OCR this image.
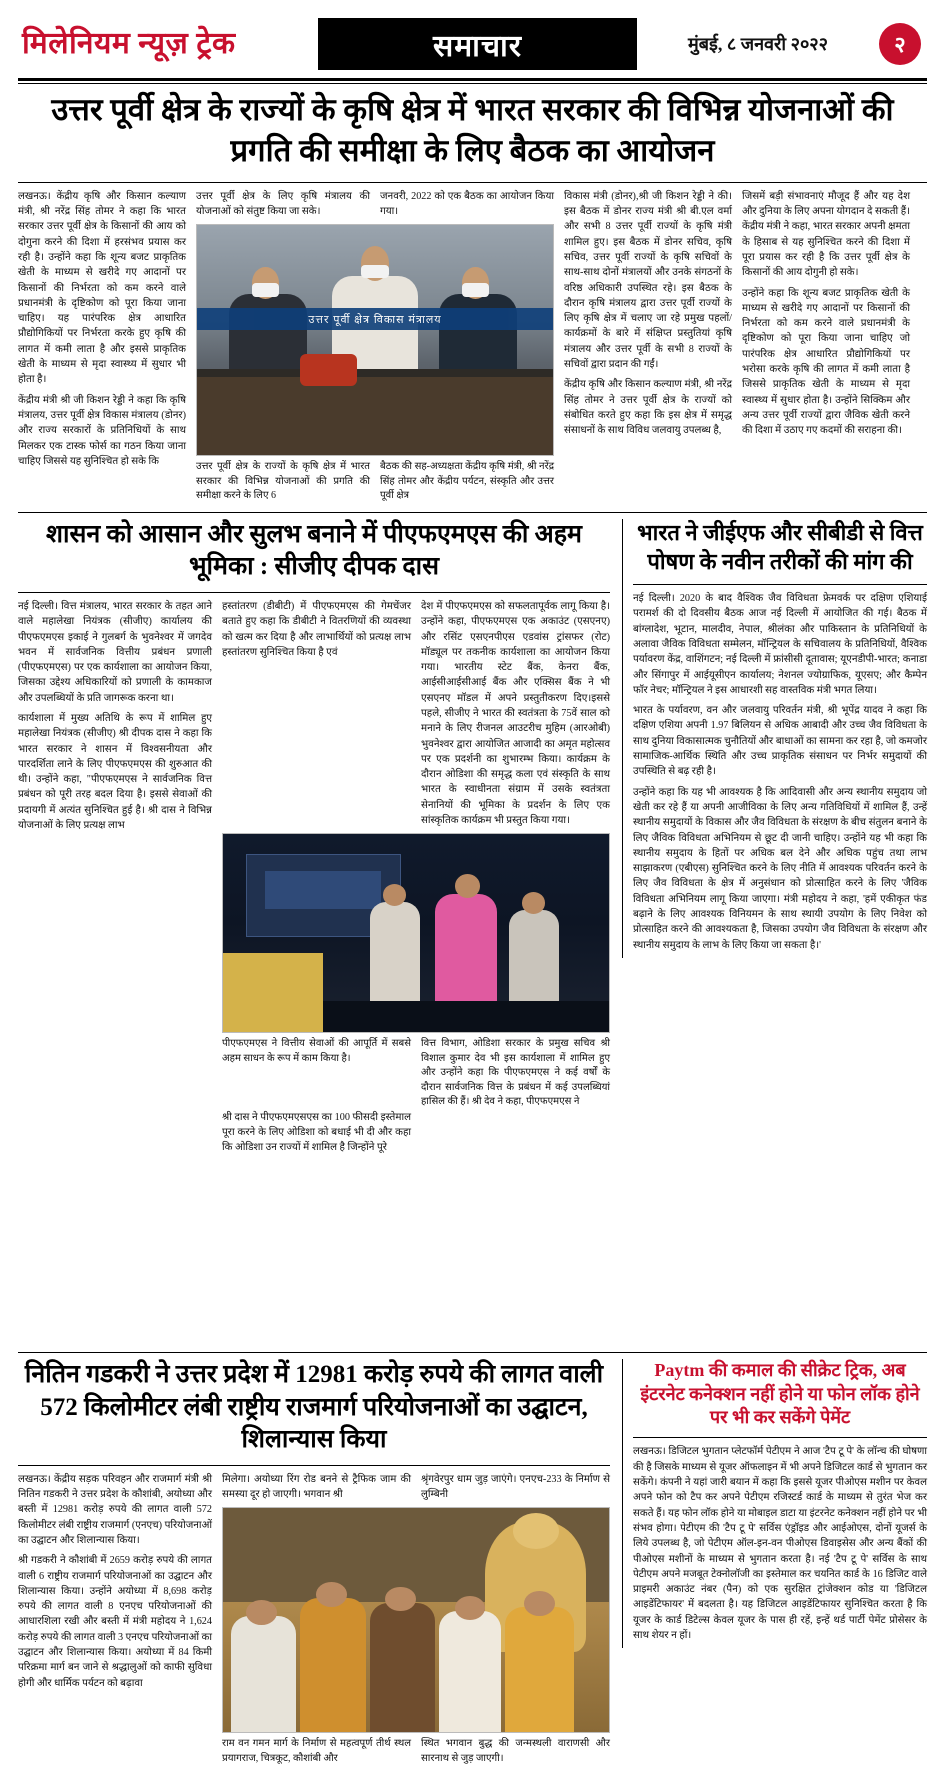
मिलेनियम न्यूज़ ट्रेक	समाचार	मुंबई, ८ जनवरी २०२२	२
उत्तर पूर्वी क्षेत्र के राज्यों के कृषि क्षेत्र में भारत सरकार की विभिन्न योजनाओं की प्रगति की समीक्षा के लिए बैठक का आयोजन

लखनऊ। केंद्रीय कृषि और किसान कल्याण मंत्री, श्री नरेंद्र सिंह तोमर ने कहा कि भारत सरकार उत्तर पूर्वी क्षेत्र के किसानों की आय को दोगुना करने की दिशा में हरसंभव प्रयास कर रही है। उन्होंने कहा कि शून्य बजट प्राकृतिक खेती के माध्यम से खरीदे गए आदानों पर किसानों की निर्भरता को कम करने वाले प्रधानमंत्री के दृष्टिकोण को पूरा किया जाना चाहिए। यह पारंपरिक क्षेत्र आधारित प्रौद्योगिकियों पर निर्भरता करके हुए कृषि की लागत में कमी लाता है और इससे प्राकृतिक खेती के माध्यम से मृदा स्वास्थ्य में सुधार भी होता है।

केंद्रीय मंत्री श्री जी किशन रेड्डी ने कहा कि कृषि मंत्रालय, उत्तर पूर्वी क्षेत्र विकास मंत्रालय (डोनर) और राज्य सरकारों के प्रतिनिधियों के साथ मिलकर एक टास्क फोर्स का गठन किया जाना चाहिए जिससे यह सुनिश्चित हो सके कि

उत्तर पूर्वी क्षेत्र के लिए कृषि मंत्रालय की योजनाओं को संतुष्ट किया जा सके।

जनवरी, 2022 को एक बैठक का आयोजन किया गया।

उत्तर पूर्वी क्षेत्र विकास मंत्रालय
उत्तर पूर्वी क्षेत्र के राज्यों के कृषि क्षेत्र में भारत सरकार की विभिन्न योजनाओं की प्रगति की समीक्षा करने के लिए 6
बैठक की सह-अध्यक्षता केंद्रीय कृषि मंत्री, श्री नरेंद्र सिंह तोमर और केंद्रीय पर्यटन, संस्कृति और उत्तर पूर्वी क्षेत्र

विकास मंत्री (डोनर),श्री जी किशन रेड्डी ने की। इस बैठक में डोनर राज्य मंत्री श्री बी.एल वर्मा और सभी 8 उत्तर पूर्वी राज्यों के कृषि मंत्री शामिल हुए। इस बैठक में डोनर सचिव, कृषि सचिव, उत्तर पूर्वी राज्यों के कृषि सचिवों के साथ-साथ दोनों मंत्रालयों और उनके संगठनों के वरिष्ठ अधिकारी उपस्थित रहे। इस बैठक के दौरान कृषि मंत्रालय द्वारा उत्तर पूर्वी राज्यों के लिए कृषि क्षेत्र में चलाए जा रहे प्रमुख पहलों/कार्यक्रमों के बारे में संक्षिप्त प्रस्तुतियां कृषि मंत्रालय और उत्तर पूर्वी के सभी 8 राज्यों के सचिवों द्वारा प्रदान की गईं।

केंद्रीय कृषि और किसान कल्याण मंत्री, श्री नरेंद्र सिंह तोमर ने उत्तर पूर्वी क्षेत्र के राज्यों को संबोधित करते हुए कहा कि इस क्षेत्र में समृद्ध संसाधनों के साथ विविध जलवायु उपलब्ध है,

जिसमें बड़ी संभावनाएं मौजूद हैं और यह देश और दुनिया के लिए अपना योगदान दे सकती हैं। केंद्रीय मंत्री ने कहा, भारत सरकार अपनी क्षमता के हिसाब से यह सुनिश्चित करने की दिशा में पूरा प्रयास कर रही है कि उत्तर पूर्वी क्षेत्र के किसानों की आय दोगुनी हो सके।

उन्होंने कहा कि शून्य बजट प्राकृतिक खेती के माध्यम से खरीदे गए आदानों पर किसानों की निर्भरता को कम करने वाले प्रधानमंत्री के दृष्टिकोण को पूरा किया जाना चाहिए जो पारंपरिक क्षेत्र आधारित प्रौद्योगिकियों पर भरोसा करके कृषि की लागत में कमी लाता है जिससे प्राकृतिक खेती के माध्यम से मृदा स्वास्थ्य में सुधार होता है। उन्होंने सिक्किम और अन्य उत्तर पूर्वी राज्यों द्वारा जैविक खेती करने की दिशा में उठाए गए कदमों की सराहना की।

शासन को आसान और सुलभ बनाने में पीएफएमएस की अहम भूमिका : सीजीए दीपक दास

नई दिल्ली। वित्त मंत्रालय, भारत सरकार के तहत आने वाले महालेखा नियंत्रक (सीजीए) कार्यालय की पीएफएमएस इकाई ने गुलबर्ग के भुवनेश्वर में जगदेव भवन में सार्वजनिक वित्तीय प्रबंधन प्रणाली (पीएफएमएस) पर एक कार्यशाला का आयोजन किया, जिसका उद्देश्य अधिकारियों को प्रणाली के कामकाज और उपलब्धियों के प्रति जागरूक करना था।

कार्यशाला में मुख्य अतिथि के रूप में शामिल हुए महालेखा नियंत्रक (सीजीए) श्री दीपक दास ने कहा कि भारत सरकार ने शासन में विश्वसनीयता और पारदर्शिता लाने के लिए पीएफएमएस की शुरुआत की थी। उन्होंने कहा, "पीएफएमएस ने सार्वजनिक वित्त प्रबंधन को पूरी तरह बदल दिया है। इससे सेवाओं की प्रदायगी में अत्यंत सुनिश्चित हुई है। श्री दास ने विभिन्न योजनाओं के लिए प्रत्यक्ष लाभ

हस्तांतरण (डीबीटी) में पीएफएमएस की गेमचेंजर बताते हुए कहा कि डीबीटी ने वितरणियों की व्यवस्था को खत्म कर दिया है और लाभार्थियों को प्रत्यक्ष लाभ हस्तांतरण सुनिश्चित किया है एवं

देश में पीएफएमएस को सफलतापूर्वक लागू किया है। उन्होंने कहा, पीएफएमएस एक अकाउंट (एसएनए) और रसिंट एसएनपीएस एडवांस ट्रांसफर (रोट) मॉड्यूल पर तकनीक कार्यशाला का आयोजन किया गया। भारतीय स्टेट बैंक, केनरा बैंक, आईसीआईसीआई बैंक और एक्सिस बैंक ने भी एसएनए मॉडल में अपने प्रस्तुतीकरण दिए।इससे पहले, सीजीए ने भारत की स्वतंत्रता के 75वें साल को मनाने के लिए रीजनल आउटरीच मुहिम (आरओबी) भुवनेश्वर द्वारा आयोजित आजादी का अमृत महोत्सव पर एक प्रदर्शनी का शुभारम्भ किया। कार्यक्रम के दौरान ओडिशा की समृद्ध कला एवं संस्कृति के साथ भारत के स्वाधीनता संग्राम में उसके स्वतंत्रता सेनानियों की भूमिका के प्रदर्शन के लिए एक सांस्कृतिक कार्यक्रम भी प्रस्तुत किया गया।

पीएफएमएस ने वित्तीय सेवाओं की आपूर्ति में सबसे अहम साधन के रूप में काम किया है।
वित्त विभाग, ओडिशा सरकार के प्रमुख सचिव श्री विशाल कुमार देव भी इस कार्यशाला में शामिल हुए और उन्होंने कहा कि पीएफएमएस ने कई वर्षों के दौरान सार्वजनिक वित्त के प्रबंधन में कई उपलब्धियां हासिल की हैं। श्री देव ने कहा, पीएफएमएस ने

श्री दास ने पीएफएमएसएस का 100 फीसदी इस्तेमाल पूरा करने के लिए ओडिशा को बधाई भी दी और कहा कि ओडिशा उन राज्यों में शामिल है जिन्होंने पूरे

भारत ने जीईएफ और सीबीडी से वित्त पोषण के नवीन तरीकों की मांग की

नई दिल्ली। 2020 के बाद वैश्विक जैव विविधता फ्रेमवर्क पर दक्षिण एशियाई परामर्श की दो दिवसीय बैठक आज नई दिल्ली में आयोजित की गई। बैठक में बांग्लादेश, भूटान, मालदीव, नेपाल, श्रीलंका और पाकिस्तान के प्रतिनिधियों के अलावा जैविक विविधता सम्मेलन, मॉन्ट्रियल के सचिवालय के प्रतिनिधियों, वैश्विक पर्यावरण केंद्र, वाशिंगटन; नई दिल्ली में फ्रांसीसी दूतावास; यूएनडीपी-भारत; कनाडा और सिंगापुर में आईयूसीएन कार्यालय; नेशनल ज्योग्राफिक, यूएसए; और कैम्पेन फॉर नेचर; मॉन्ट्रियल ने इस आधारशी सह वास्तविक मंत्री भगत लिया।

भारत के पर्यावरण, वन और जलवायु परिवर्तन मंत्री, श्री भूपेंद्र यादव ने कहा कि दक्षिण एशिया अपनी 1.97 बिलियन से अधिक आबादी और उच्च जैव विविधता के साथ दुनिया विकासात्मक चुनौतियों और बाधाओं का सामना कर रहा है, जो कमजोर सामाजिक-आर्थिक स्थिति और उच्च प्राकृतिक संसाधन पर निर्भर समुदायों की उपस्थिति से बढ़ रही है।

उन्होंने कहा कि यह भी आवश्यक है कि आदिवासी और अन्य स्थानीय समुदाय जो खेती कर रहे हैं या अपनी आजीविका के लिए अन्य गतिविधियों में शामिल हैं, उन्हें स्थानीय समुदायों के विकास और जैव विविधता के संरक्षण के बीच संतुलन बनाने के लिए जैविक विविधता अभिनियम से छूट दी जानी चाहिए। उन्होंने यह भी कहा कि स्थानीय समुदाय के हितों पर अधिक बल देने और अधिक पहुंच तथा लाभ साझाकरण (एबीएस) सुनिश्चित करने के लिए नीति में आवश्यक परिवर्तन करने के लिए जैव विविधता के क्षेत्र में अनुसंधान को प्रोत्साहित करने के लिए 'जैविक विविधता अभिनियम लागू किया जाएगा। मंत्री महोदय ने कहा, 'हमें एकीकृत फंड बढ़ाने के लिए आवश्यक विनियमन के साथ स्थायी उपयोग के लिए निवेश को प्रोत्साहित करने की आवश्यकता है, जिसका उपयोग जैव विविधता के संरक्षण और स्थानीय समुदाय के लाभ के लिए किया जा सकता है।'

नितिन गडकरी ने उत्तर प्रदेश में 12981 करोड़ रुपये की लागत वाली 572 किलोमीटर लंबी राष्ट्रीय राजमार्ग परियोजनाओं का उद्घाटन, शिलान्यास किया

लखनऊ। केंद्रीय सड़क परिवहन और राजमार्ग मंत्री श्री नितिन गडकरी ने उत्तर प्रदेश के कौशांबी, अयोध्या और बस्ती में 12981 करोड़ रुपये की लागत वाली 572 किलोमीटर लंबी राष्ट्रीय राजमार्ग (एनएच) परियोजनाओं का उद्घाटन और शिलान्यास किया।

श्री गडकरी ने कौशांबी में 2659 करोड़ रुपये की लागत वाली 6 राष्ट्रीय राजमार्ग परियोजनाओं का उद्घाटन और शिलान्यास किया। उन्होंने अयोध्या में 8,698 करोड़ रुपये की लागत वाली 8 एनएच परियोजनाओं की आधारशिला रखी और बस्ती में मंत्री महोदय ने 1,624 करोड़ रुपये की लागत वाली 3 एनएच परियोजनाओं का उद्घाटन और शिलान्यास किया। अयोध्या में 84 किमी परिक्रमा मार्ग बन जाने से श्रद्धालुओं को काफी सुविधा होगी और धार्मिक पर्यटन को बढ़ावा

मिलेगा। अयोध्या रिंग रोड बनने से ट्रैफिक जाम की समस्या दूर हो जाएगी। भगवान श्री

श्रृंगवेरपुर धाम जुड़ जाएंगे। एनएच-233 के निर्माण से लुम्बिनी

राम वन गमन मार्ग के निर्माण से महत्वपूर्ण तीर्थ स्थल प्रयागराज, चित्रकूट, कौशांबी और
स्थित भगवान बुद्ध की जन्मस्थली वाराणसी और सारनाथ से जुड़ जाएगी।
Paytm की कमाल की सीक्रेट ट्रिक, अब इंटरनेट कनेक्शन नहीं होने या फोन लॉक होने पर भी कर सकेंगे पेमेंट

लखनऊ। डिजिटल भुगतान प्लेटफॉर्म पेटीएम ने आज 'टैप टू पे' के लॉन्च की घोषणा की है जिसके माध्यम से यूजर ऑफलाइन में भी अपने डिजिटल कार्ड से भुगतान कर सकेंगे। कंपनी ने यहां जारी बयान में कहा कि इससे यूजर पीओएस मशीन पर केवल अपने फोन को टैप कर अपने पेटीएम रजिस्टर्ड कार्ड के माध्यम से तुरंत भेज कर सकते हैं। यह फोन लॉक होने या मोबाइल डाटा या इंटरनेट कनेक्शन नहीं होने पर भी संभव होगा। पेटीएम की 'टैप टू पे' सर्विस एंड्रॉइड और आईओएस, दोनों यूजर्स के लिये उपलब्ध है, जो पेटीएम ऑल-इन-वन पीओएस डिवाइसेस और अन्य बैंकों की पीओएस मशीनों के माध्यम से भुगतान करता है। नई 'टैप टू पे' सर्विस के साथ पेटीएम अपने मजबूत टेक्नोलॉजी का इस्तेमाल कर चयनित कार्ड के 16 डिजिट वाले प्राइमरी अकाउंट नंबर (पैन) को एक सुरक्षित ट्रांजेक्शन कोड या 'डिजिटल आइडेंटिफायर' में बदलता है। यह डिजिटल आइडेंटिफायर सुनिश्चित करता है कि यूजर के कार्ड डिटेल्स केवल यूजर के पास ही रहें, इन्हें थर्ड पार्टी पेमेंट प्रोसेसर के साथ शेयर न हों।
